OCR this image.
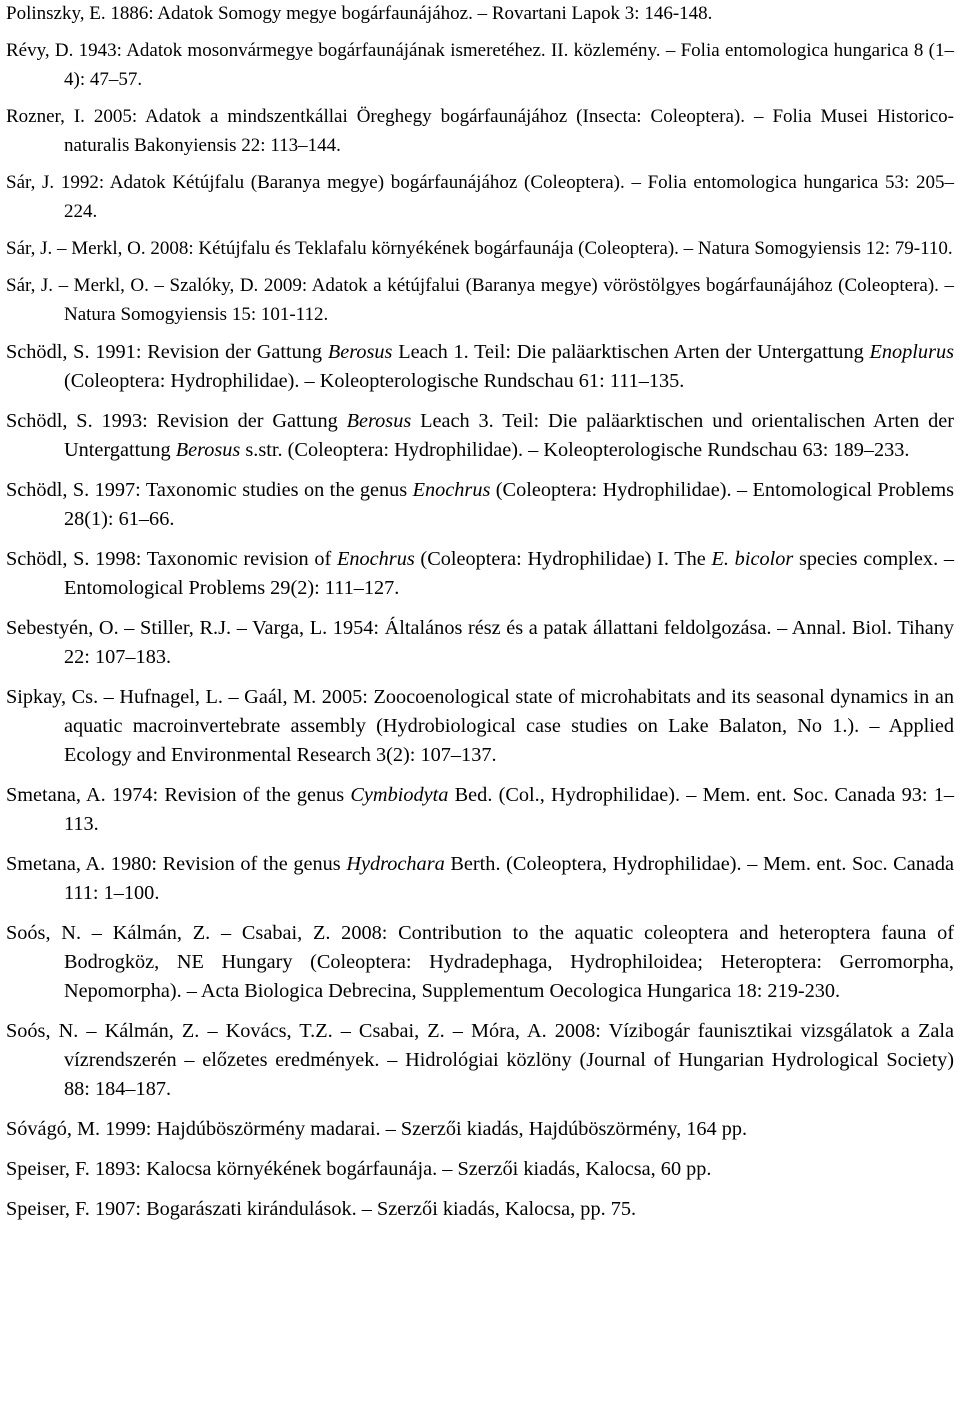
Polinszky, E. 1886: Adatok Somogy megye bogárfaunájához. – Rovartani Lapok 3: 146-148.

Révy, D. 1943: Adatok mosonvármegye bogárfaunájának ismeretéhez. II. közlemény. – Folia entomologica hungarica 8 (1–4): 47–57.

Rozner, I. 2005: Adatok a mindszentkállai Öreghegy bogárfaunájához (Insecta: Coleoptera). – Folia Musei Historico-naturalis Bakonyiensis 22: 113–144.

Sár, J. 1992: Adatok Kétújfalu (Baranya megye) bogárfaunájához (Coleoptera). – Folia entomologica hungarica 53: 205–224.

Sár, J. – Merkl, O. 2008: Kétújfalu és Teklafalu környékének bogárfaunája (Coleoptera). – Natura Somogyiensis 12: 79-110.

Sár, J. – Merkl, O. – Szalóky, D. 2009: Adatok a kétújfalui (Baranya megye) vöröstölgyes bogárfaunájához (Coleoptera). – Natura Somogyiensis 15: 101-112.

Schödl, S. 1991: Revision der Gattung Berosus Leach 1. Teil: Die paläarktischen Arten der Untergattung Enoplurus (Coleoptera: Hydrophilidae). – Koleopterologische Rundschau 61: 111–135.

Schödl, S. 1993: Revision der Gattung Berosus Leach 3. Teil: Die paläarktischen und orientalischen Arten der Untergattung Berosus s.str. (Coleoptera: Hydrophilidae). – Koleopterologische Rundschau 63: 189–233.

Schödl, S. 1997: Taxonomic studies on the genus Enochrus (Coleoptera: Hydrophilidae). – Entomological Problems 28(1): 61–66.

Schödl, S. 1998: Taxonomic revision of Enochrus (Coleoptera: Hydrophilidae) I. The E. bicolor species complex. – Entomological Problems 29(2): 111–127.

Sebestyén, O. – Stiller, R.J. – Varga, L. 1954: Általános rész és a patak állattani feldolgozása. – Annal. Biol. Tihany 22: 107–183.

Sipkay, Cs. – Hufnagel, L. – Gaál, M. 2005: Zoocoenological state of microhabitats and its seasonal dynamics in an aquatic macroinvertebrate assembly (Hydrobiological case studies on Lake Balaton, No 1.). – Applied Ecology and Environmental Research 3(2): 107–137.

Smetana, A. 1974: Revision of the genus Cymbiodyta Bed. (Col., Hydrophilidae). – Mem. ent. Soc. Canada 93: 1–113.

Smetana, A. 1980: Revision of the genus Hydrochara Berth. (Coleoptera, Hydrophilidae). – Mem. ent. Soc. Canada 111: 1–100.

Soós, N. – Kálmán, Z. – Csabai, Z. 2008: Contribution to the aquatic coleoptera and heteroptera fauna of Bodrogköz, NE Hungary (Coleoptera: Hydradephaga, Hydrophiloidea; Heteroptera: Gerromorpha, Nepomorpha). – Acta Biologica Debrecina, Supplementum Oecologica Hungarica 18: 219-230.

Soós, N. – Kálmán, Z. – Kovács, T.Z. – Csabai, Z. – Móra, A. 2008: Vízibogár faunisztikai vizsgálatok a Zala vízrendszerén – előzetes eredmények. – Hidrológiai közlöny (Journal of Hungarian Hydrological Society) 88: 184–187.

Sóvágó, M. 1999: Hajdúböszörmény madarai. – Szerzői kiadás, Hajdúböszörmény, 164 pp.

Speiser, F. 1893: Kalocsa környékének bogárfaunája. – Szerzői kiadás, Kalocsa, 60 pp.

Speiser, F. 1907: Bogarászati kirándulások. – Szerzői kiadás, Kalocsa, pp. 75.
